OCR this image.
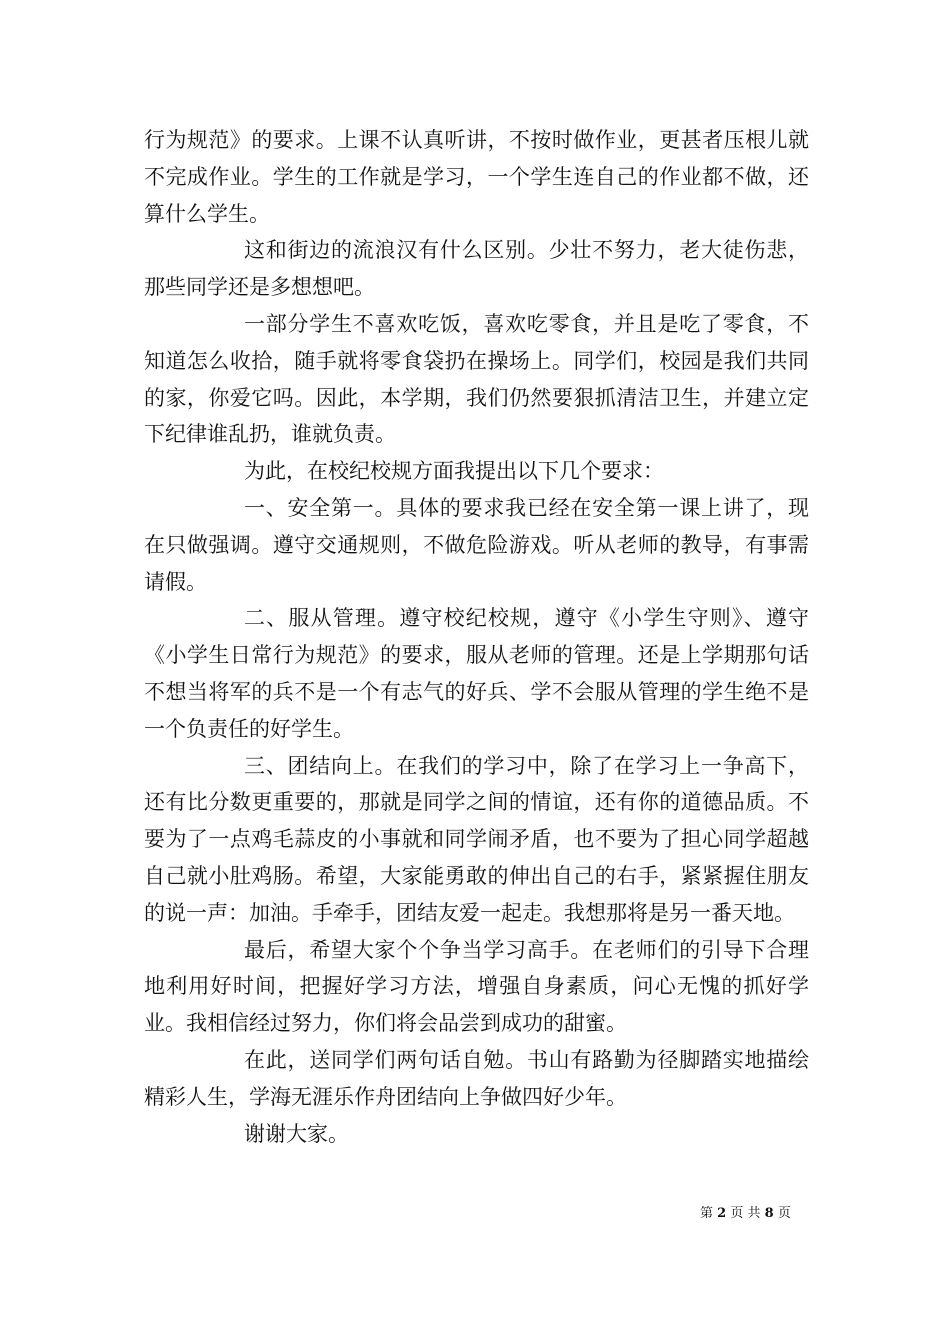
行为规范》的要求。上课不认真听讲，不按时做作业，更甚者压根儿就不完成作业。学生的工作就是学习，一个学生连自己的作业都不做，还算什么学生。

这和街边的流浪汉有什么区别。少壮不努力，老大徒伤悲，那些同学还是多想想吧。

一部分学生不喜欢吃饭，喜欢吃零食，并且是吃了零食，不知道怎么收拾，随手就将零食袋扔在操场上。同学们，校园是我们共同的家，你爱它吗。因此，本学期，我们仍然要狠抓清洁卫生，并建立定下纪律谁乱扔，谁就负责。

为此，在校纪校规方面我提出以下几个要求：

一、安全第一。具体的要求我已经在安全第一课上讲了，现在只做强调。遵守交通规则，不做危险游戏。听从老师的教导，有事需请假。

二、服从管理。遵守校纪校规，遵守《小学生守则》、遵守《小学生日常行为规范》的要求，服从老师的管理。还是上学期那句话不想当将军的兵不是一个有志气的好兵、学不会服从管理的学生绝不是一个负责任的好学生。

三、团结向上。在我们的学习中，除了在学习上一争高下，还有比分数更重要的，那就是同学之间的情谊，还有你的道德品质。不要为了一点鸡毛蒜皮的小事就和同学闹矛盾，也不要为了担心同学超越自己就小肚鸡肠。希望，大家能勇敢的伸出自己的右手，紧紧握住朋友的说一声：加油。手牵手，团结友爱一起走。我想那将是另一番天地。

最后，希望大家个个争当学习高手。在老师们的引导下合理地利用好时间，把握好学习方法，增强自身素质，问心无愧的抓好学业。我相信经过努力，你们将会品尝到成功的甜蜜。

在此，送同学们两句话自勉。书山有路勤为径脚踏实地描绘精彩人生，学海无涯乐作舟团结向上争做四好少年。

谢谢大家。

第 2 页 共 8 页
